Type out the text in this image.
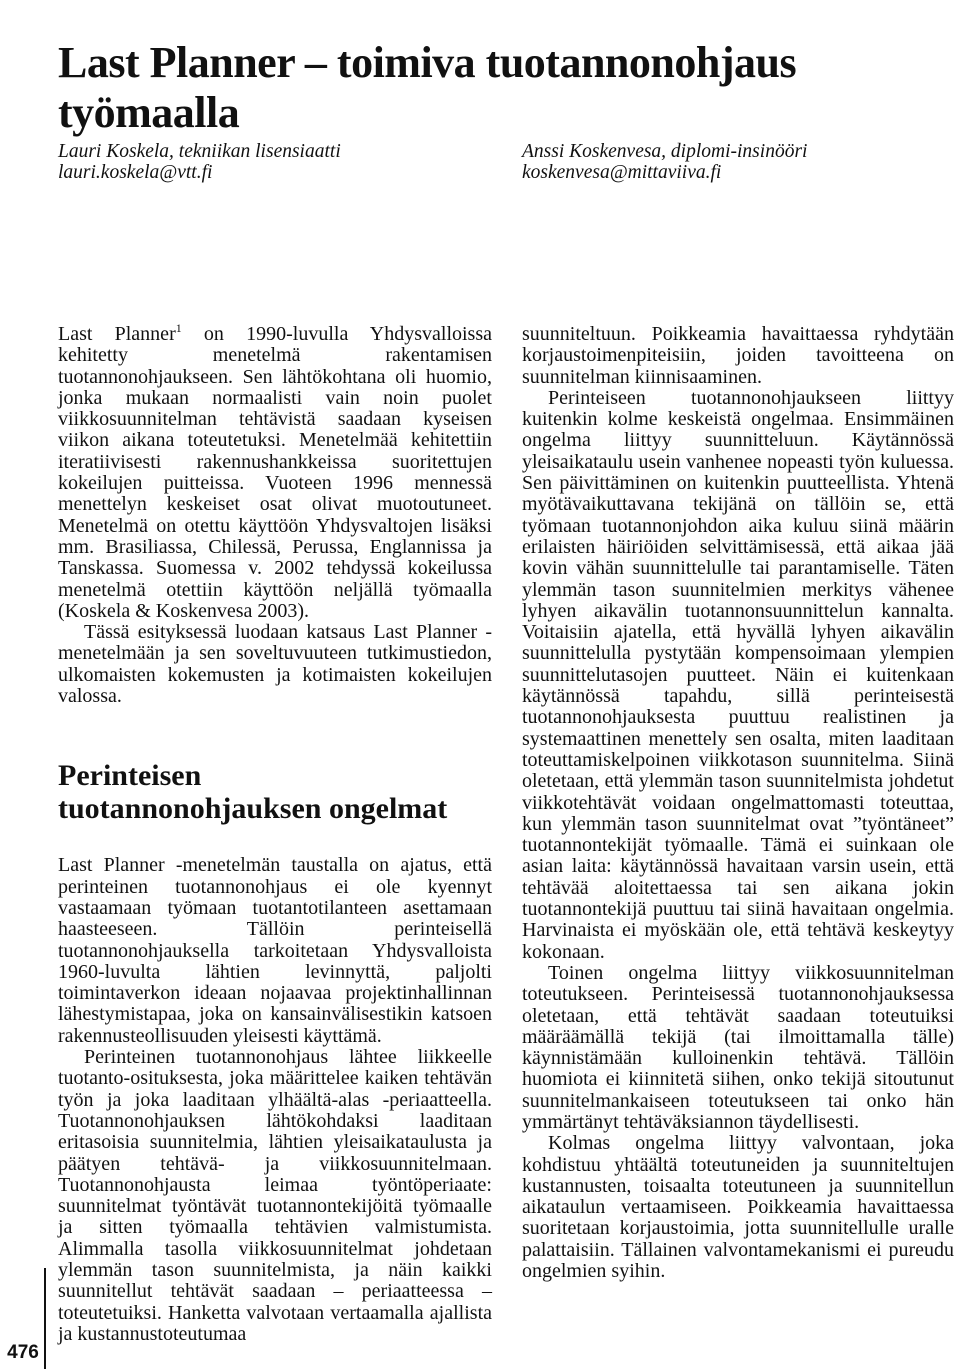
Last Planner – toimiva tuotannonohjaus työmaalla
Lauri Koskela, tekniikan lisensiaatti
lauri.koskela@vtt.fi
Anssi Koskenvesa, diplomi-insinööri
koskenvesa@mittaviiva.fi

Last Planner$^1$ on 1990-luvulla Yhdysvalloissa kehitetty menetelmä rakentamisen tuotannonohjaukseen. Sen lähtökohtana oli huomio, jonka mukaan normaalisti vain noin puolet viikkosuunnitelman tehtävistä saadaan kyseisen viikon aikana toteutetuksi. Menetelmää kehitettiin iteratiivisesti rakennushankkeissa suoritettujen kokeilujen puitteissa. Vuoteen 1996 mennessä menettelyn keskeiset osat olivat muotoutuneet. Menetelmä on otettu käyttöön Yhdysvaltojen lisäksi mm. Brasiliassa, Chilessä, Perussa, Englannissa ja Tanskassa. Suomessa v. 2002 tehdyssä kokeilussa menetelmä otettiin käyttöön neljällä työmaalla (Koskela & Koskenvesa 2003).

Tässä esityksessä luodaan katsaus Last Planner -menetelmään ja sen soveltuvuuteen tutkimustiedon, ulkomaisten kokemusten ja kotimaisten kokeilujen valossa.

Perinteisen
tuotannonohjauksen ongelmat

Last Planner -menetelmän taustalla on ajatus, että perinteinen tuotannonohjaus ei ole kyennyt vastaamaan työmaan tuotantotilanteen asettamaan haasteeseen. Tällöin perinteisellä tuotannonohjauksella tarkoitetaan Yhdysvalloista 1960-luvulta lähtien levinnyttä, paljolti toimintaverkon ideaan nojaavaa projektinhallinnan lähestymistapaa, joka on kansainvälisestikin katsoen rakennusteollisuuden yleisesti käyttämä.

Perinteinen tuotannonohjaus lähtee liikkeelle tuotanto-osituksesta, joka määrittelee kaiken tehtävän työn ja joka laaditaan ylhäältä-alas -periaatteella. Tuotannonohjauksen lähtökohdaksi laaditaan eritasoisia suunnitelmia, lähtien yleisaikataulusta ja päätyen tehtävä- ja viikkosuunnitelmaan. Tuotannonohjausta leimaa työntöperiaate: suunnitelmat työntävät tuotannontekijöitä työmaalle ja sitten työmaalla tehtävien valmistumista. Alimmalla tasolla viikkosuunnitelmat johdetaan ylemmän tason suunnitelmista, ja näin kaikki suunnitellut tehtävät saadaan – periaatteessa – toteutetuiksi. Hanketta valvotaan vertaamalla ajallista ja kustannustoteutumaa

suunniteltuun. Poikkeamia havaittaessa ryhdytään korjaustoimenpiteisiin, joiden tavoitteena on suunnitelman kiinnisaaminen.

Perinteiseen tuotannonohjaukseen liittyy kuitenkin kolme keskeistä ongelmaa. Ensimmäinen ongelma liittyy suunnitteluun. Käytännössä yleisaikataulu usein vanhenee nopeasti työn kuluessa. Sen päivittäminen on kuitenkin puutteellista. Yhtenä myötävaikuttavana tekijänä on tällöin se, että työmaan tuotannonjohdon aika kuluu siinä määrin erilaisten häiriöiden selvittämisessä, että aikaa jää kovin vähän suunnittelulle tai parantamiselle. Täten ylemmän tason suunnitelmien merkitys vähenee lyhyen aikavälin tuotannonsuunnittelun kannalta. Voitaisiin ajatella, että hyvällä lyhyen aikavälin suunnittelulla pystytään kompensoimaan ylempien suunnittelutasojen puutteet. Näin ei kuitenkaan käytännössä tapahdu, sillä perinteisestä tuotannonohjauksesta puuttuu realistinen ja systemaattinen menettely sen osalta, miten laaditaan toteuttamiskelpoinen viikkotason suunnitelma. Siinä oletetaan, että ylemmän tason suunnitelmista johdetut viikkotehtävät voidaan ongelmattomasti toteuttaa, kun ylemmän tason suunnitelmat ovat ”työntäneet” tuotannontekijät työmaalle. Tämä ei suinkaan ole asian laita: käytännössä havaitaan varsin usein, että tehtävää aloitettaessa tai sen aikana jokin tuotannontekijä puuttuu tai siinä havaitaan ongelmia. Harvinaista ei myöskään ole, että tehtävä keskeytyy kokonaan.

Toinen ongelma liittyy viikkosuunnitelman toteutukseen. Perinteisessä tuotannonohjauksessa oletetaan, että tehtävät saadaan toteutuiksi määräämällä tekijä (tai ilmoittamalla tälle) käynnistämään kulloinenkin tehtävä. Tällöin huomiota ei kiinnitetä siihen, onko tekijä sitoutunut suunnitelmankaiseen toteutukseen tai onko hän ymmärtänyt tehtäväksiannon täydellisesti.

Kolmas ongelma liittyy valvontaan, joka kohdistuu yhtäältä toteutuneiden ja suunniteltujen kustannusten, toisaalta toteutuneen ja suunnitellun aikataulun vertaamiseen. Poikkeamia havaittaessa suoritetaan korjaustoimia, jotta suunnitellulle uralle palattaisiin. Tällainen valvontamekanismi ei pureudu ongelmien syihin.

476
